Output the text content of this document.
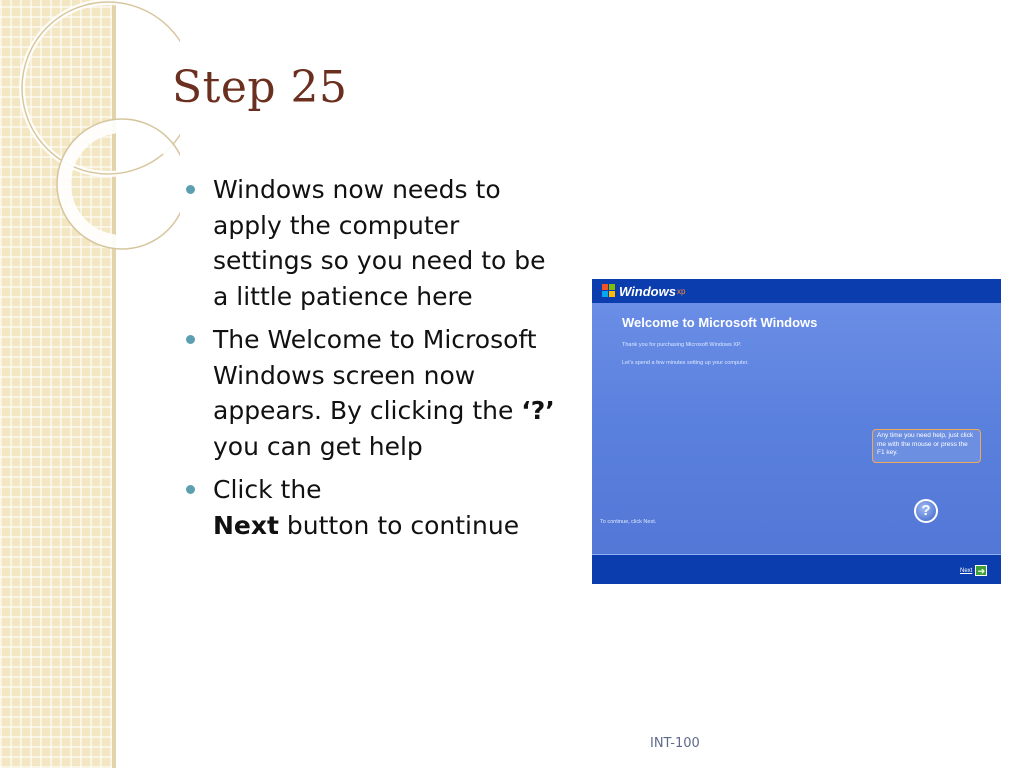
Step 25
Windows now needs to apply the computer settings so you need to be a little patience here
The Welcome to Microsoft Windows screen now appears. By clicking the ‘?’ you can get help
Click the
Next button to continue
Windows xp
Welcome to Microsoft Windows
Thank you for purchasing Microsoft Windows XP.
Let's spend a few minutes setting up your computer.
Any time you need help, just click me with the mouse or press the F1 key.
?
To continue, click Next.
Next ➔
INT-100
